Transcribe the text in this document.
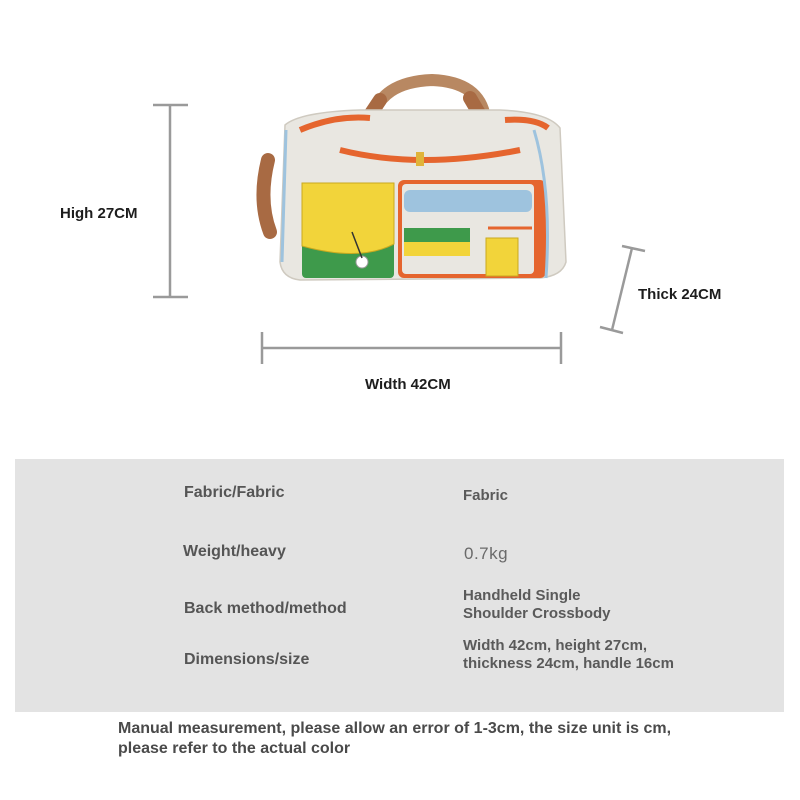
High 27CM
Width 42CM
Thick 24CM
Fabric/Fabric	Fabric
Weight/heavy	0.7kg
Back method/method
Handheld Single
Shoulder Crossbody
Dimensions/size
Width 42cm, height 27cm,
thickness 24cm, handle 16cm
Manual measurement, please allow an error of 1-3cm, the size unit is cm,
please refer to the actual color
